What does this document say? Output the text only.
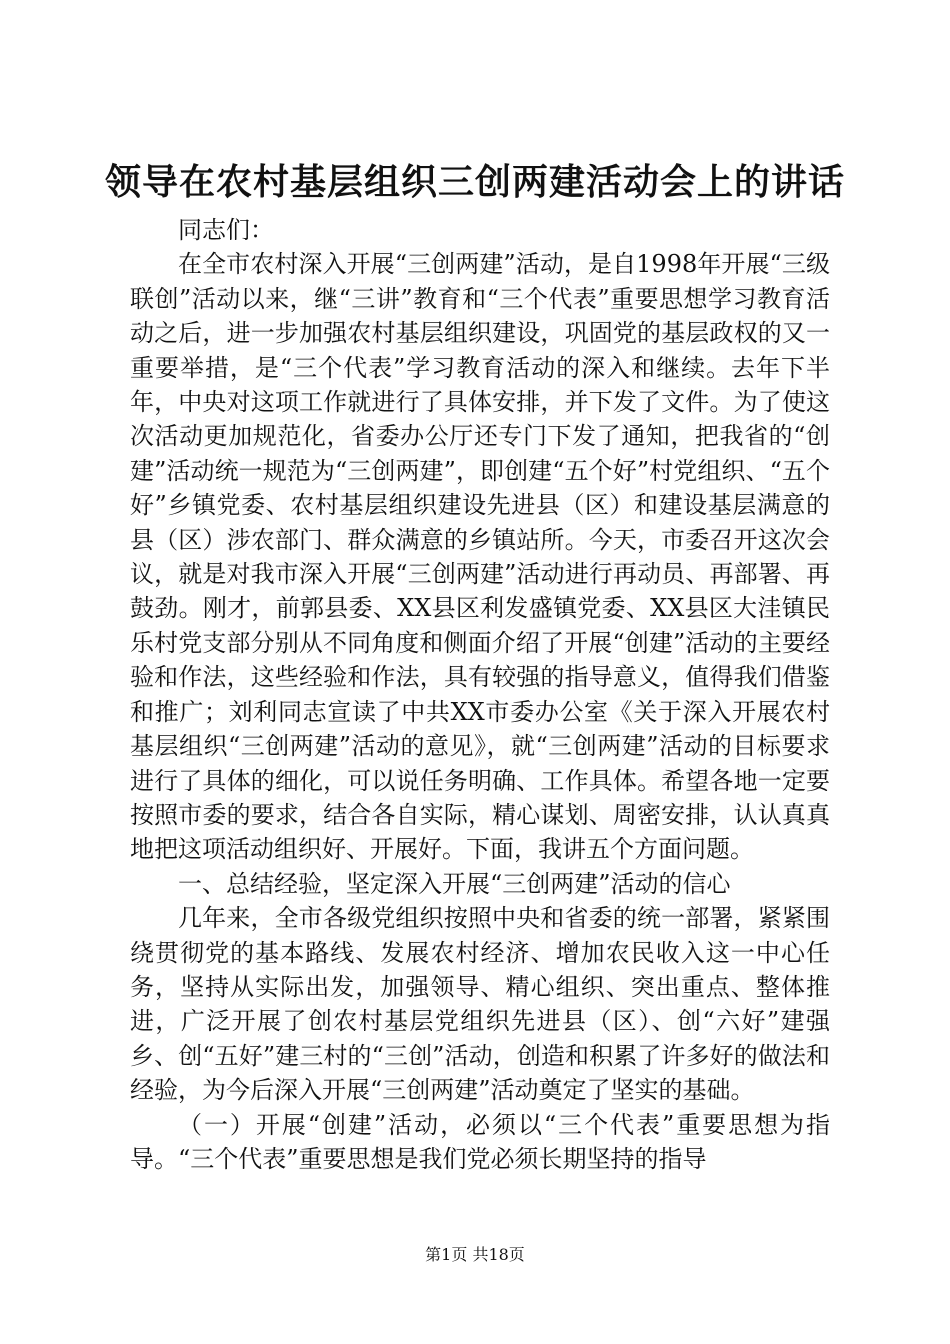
领导在农村基层组织三创两建活动会上的讲话

同志们：

在全市农村深入开展“三创两建”活动，是自1998年开展“三级联创”活动以来，继“三讲”教育和“三个代表”重要思想学习教育活动之后，进一步加强农村基层组织建设，巩固党的基层政权的又一重要举措，是“三个代表”学习教育活动的深入和继续。去年下半年，中央对这项工作就进行了具体安排，并下发了文件。为了使这次活动更加规范化，省委办公厅还专门下发了通知，把我省的“创建”活动统一规范为“三创两建”，即创建“五个好”村党组织、“五个好”乡镇党委、农村基层组织建设先进县（区）和建设基层满意的县（区）涉农部门、群众满意的乡镇站所。今天，市委召开这次会议，就是对我市深入开展“三创两建”活动进行再动员、再部署、再鼓劲。刚才，前郭县委、XX县区利发盛镇党委、XX县区大洼镇民乐村党支部分别从不同角度和侧面介绍了开展“创建”活动的主要经验和作法，这些经验和作法，具有较强的指导意义，值得我们借鉴和推广；刘利同志宣读了中共XX市委办公室《关于深入开展农村基层组织“三创两建”活动的意见》，就“三创两建”活动的目标要求进行了具体的细化，可以说任务明确、工作具体。希望各地一定要按照市委的要求，结合各自实际，精心谋划、周密安排，认认真真地把这项活动组织好、开展好。下面，我讲五个方面问题。

一、总结经验，坚定深入开展“三创两建”活动的信心

几年来，全市各级党组织按照中央和省委的统一部署，紧紧围绕贯彻党的基本路线、发展农村经济、增加农民收入这一中心任务，坚持从实际出发，加强领导、精心组织、突出重点、整体推进，广泛开展了创农村基层党组织先进县（区）、创“六好”建强乡、创“五好”建三村的“三创”活动，创造和积累了许多好的做法和经验，为今后深入开展“三创两建”活动奠定了坚实的基础。

（一）开展“创建”活动，必须以“三个代表”重要思想为指导。“三个代表”重要思想是我们党必须长期坚持的指导

第1页 共18页
